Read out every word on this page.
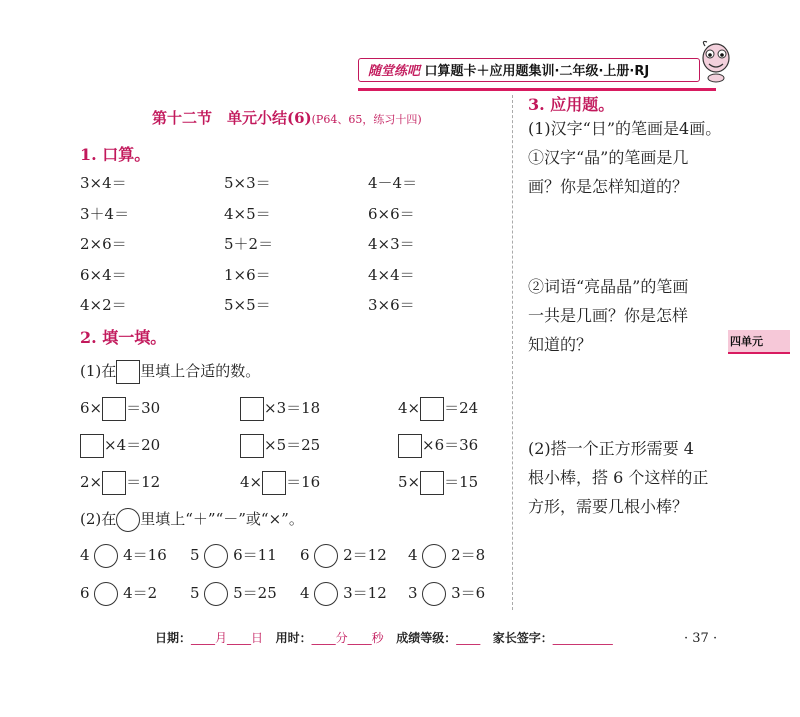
随堂练吧 口算题卡＋应用题集训·二年级·上册·RJ
第十二节　单元小结(6)(P64、65，练习十四)
1. 口算。
3×4＝	5×3＝	4－4＝
3＋4＝	4×5＝	6×6＝
2×6＝	5＋2＝	4×3＝
6×4＝	1×6＝	4×4＝
4×2＝	5×5＝	3×6＝
2. 填一填。
(1)在 里填上合适的数。
6× ＝30	×3＝18	4× ＝24
×4＝20	×5＝25	×6＝36
2× ＝12	4× ＝16	5× ＝15
(2)在 里填上“＋”“－”或“×”。
4 4＝16 5 6＝11 6 2＝12 4 2＝8
6 4＝2 5 5＝25 4 3＝12 3 3＝6
3. 应用题。
(1)汉字“日”的笔画是4画。
①汉字“晶”的笔画是几
画？你是怎样知道的？
②词语“亮晶晶”的笔画
一共是几画？你是怎样
知道的？
(2)搭一个正方形需要 4
根小棒，搭 6 个这样的正
方形，需要几根小棒？
四单元
日期：____月____日 用时：____分____秒 成绩等级：____ 家长签字：__________	· 37 ·
